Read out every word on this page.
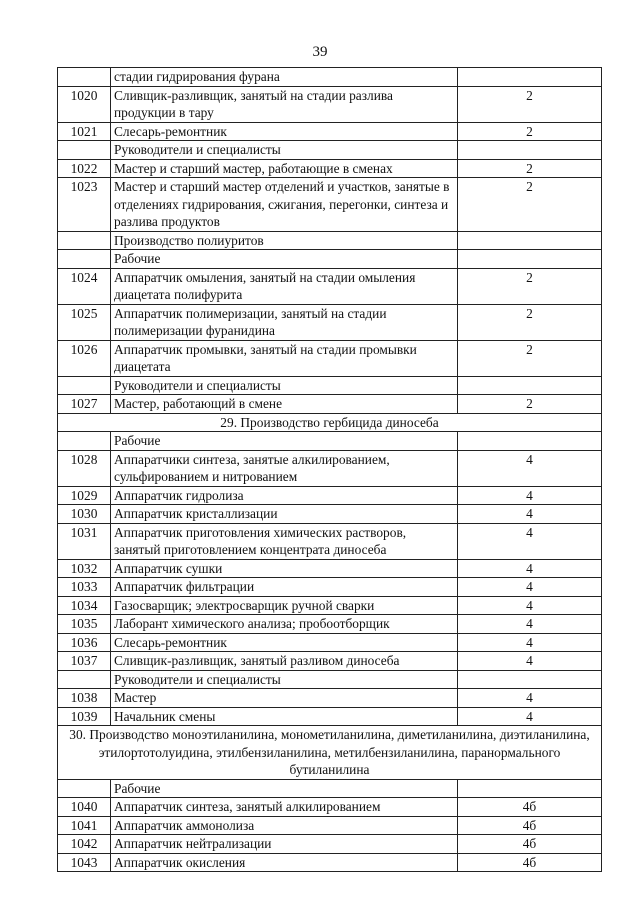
39
	стадии гидрирования фурана	
1020	Сливщик-разливщик, занятый на стадии разлива продукции в тару	2
1021	Слесарь-ремонтник	2
	Руководители и специалисты	
1022	Мастер и старший мастер, работающие в сменах	2
1023	Мастер и старший мастер отделений и участков, занятые в отделениях гидрирования, сжигания, перегонки, синтеза и разлива продуктов	2
	Производство полиуритов	
	Рабочие	
1024	Аппаратчик омыления, занятый на стадии омыления диацетата полифурита	2
1025	Аппаратчик полимеризации, занятый на стадии полимеризации фуранидина	2
1026	Аппаратчик промывки, занятый на стадии промывки диацетата	2
	Руководители и специалисты	
1027	Мастер, работающий в смене	2
29. Производство гербицида диносеба		
	Рабочие	
1028	Аппаратчики синтеза, занятые алкилированием, сульфированием и нитрованием	4
1029	Аппаратчик гидролиза	4
1030	Аппаратчик кристаллизации	4
1031	Аппаратчик приготовления химических растворов, занятый приготовлением концентрата диносеба	4
1032	Аппаратчик сушки	4
1033	Аппаратчик фильтрации	4
1034	Газосварщик; электросварщик ручной сварки	4
1035	Лаборант химического анализа; пробоотборщик	4
1036	Слесарь-ремонтник	4
1037	Сливщик-разливщик, занятый разливом диносеба	4
	Руководители и специалисты	
1038	Мастер	4
1039	Начальник смены	4
30. Производство моноэтиланилина, монометиланилина, диметиланилина, диэтиланилина, этилортотолуидина, этилбензиланилина, метилбензиланилина, паранормального бутиланилина		
	Рабочие	
1040	Аппаратчик синтеза, занятый алкилированием	4б
1041	Аппаратчик аммонолиза	4б
1042	Аппаратчик нейтрализации	4б
1043	Аппаратчик окисления	4б
